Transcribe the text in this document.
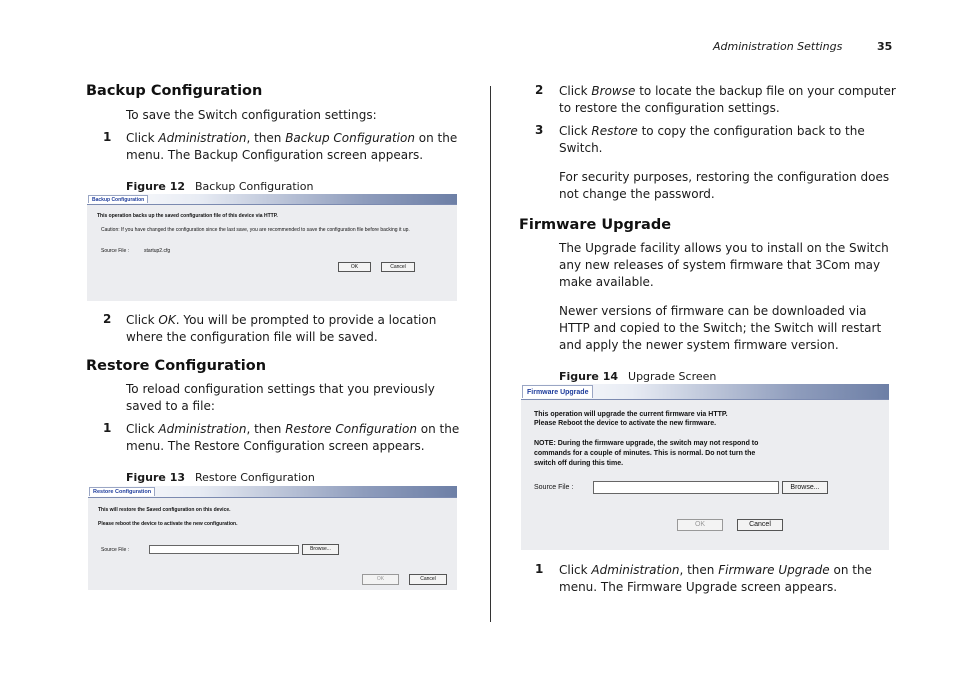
Administration Settings	35
Backup Configuration
To save the Switch configuration settings:
1 Click Administration, then Backup Configuration on the menu. The Backup Configuration screen appears.
Figure 12 Backup Configuration
Backup Configuration
This operation backs up the saved configuration file of this device via HTTP.
Caution: If you have changed the configuration since the last save, you are recommended to save the configuration file before backing it up.
Source File :	startup2.cfg
OK	Cancel
2 Click OK. You will be prompted to provide a location where the configuration file will be saved.
Restore Configuration
To reload configuration settings that you previously saved to a file:
1 Click Administration, then Restore Configuration on the menu. The Restore Configuration screen appears.
Figure 13 Restore Configuration
Restore Configuration
This will restore the Saved configuration on this device.
Please reboot the device to activate the new configuration.
Source File :	Browse...
OK	Cancel
2 Click Browse to locate the backup file on your computer to restore the configuration settings.
3 Click Restore to copy the configuration back to the Switch.
For security purposes, restoring the configuration does not change the password.
Firmware Upgrade
The Upgrade facility allows you to install on the Switch any new releases of system firmware that 3Com may make available.
Newer versions of firmware can be downloaded via HTTP and copied to the Switch; the Switch will restart and apply the newer system firmware version.
Figure 14 Upgrade Screen
Firmware Upgrade
This operation will upgrade the current firmware via HTTP.
Please Reboot the device to activate the new firmware.
NOTE: During the firmware upgrade, the switch may not respond to
commands for a couple of minutes. This is normal. Do not turn the
switch off during this time.
Source File :	Browse...
OK	Cancel
1 Click Administration, then Firmware Upgrade on the menu. The Firmware Upgrade screen appears.
